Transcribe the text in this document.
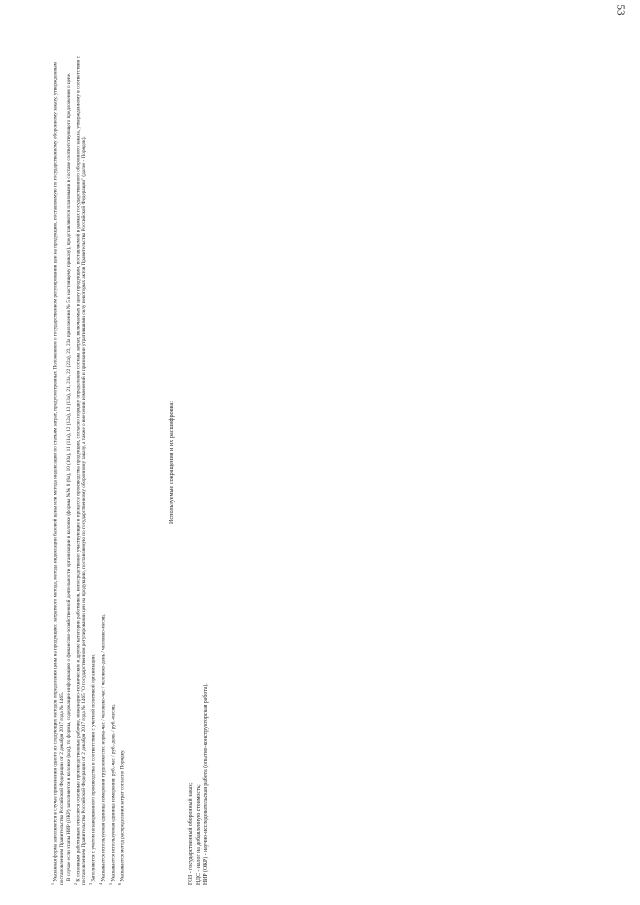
53

$^1$ Указанная форма заполняется в случае применения одного из следующих методов определения цены на продукцию: затратного метода, метода индексации базовой цены или метода индексации по статьям затрат, предусмотренных Положением о государственном регулировании цен на продукцию, поставляемую по государственному оборонному заказу, утвержденным постановлением Правительства Российской Федерации от 2 декабря 2017 года № 1465. В случае если этапы НИР (ОКР) заполняется в колонке (код), то формы, содержащие информацию о финансово-хозяйственной деятельности организации в колонке (формы №№ 8 (8а), 10 (10а), 11 (11а), 12 (12а), 13 (13а), 21, 21а, 22 (22а), 23, 23а приложения № 5 к настоящему приказу), представляются плановыми в составе соответствующего предложения о цене.

$^2$ К основным работникам относятся основные производственные рабочие, инженерно-технические и другие категории работников, непосредственно участвующие в процессе производства продукции, согласно порядку определения состава затрат, включаемых в цену продукции, поставляемой в рамках государственного оборонного заказа, утвержденному в соответствии с постановлением Правительства Российской Федерации от 2 декабря 2017 года № 1465 "О государственном регулировании цен на продукцию, поставляемую по государственному оборонному заказу, а также о внесении изменений и признании утратившими силу некоторых актов Правительства Российской Федерации" (далее - Порядок). $^3$ Заполняется с учетом незавершенного производства в соответствии с учетной политикой организации.

$^4$ Указывается используемая единица измерения трудоемкости: норма-час / человеко-час / человеко-день / человеко-месяц.

$^5$ Указывается используемая единица измерения: руб.-час / руб.-день / руб.-месяц.

$^6$ Указывается метод распределения затрат согласно Порядку.

Используемые сокращения и их расшифровка:
ГОЗ - государственный оборонный заказ; НДС - налог на добавленную стоимость; НИР (ОКР) - научно-исследовательская работа (опытно-конструкторская работа).
